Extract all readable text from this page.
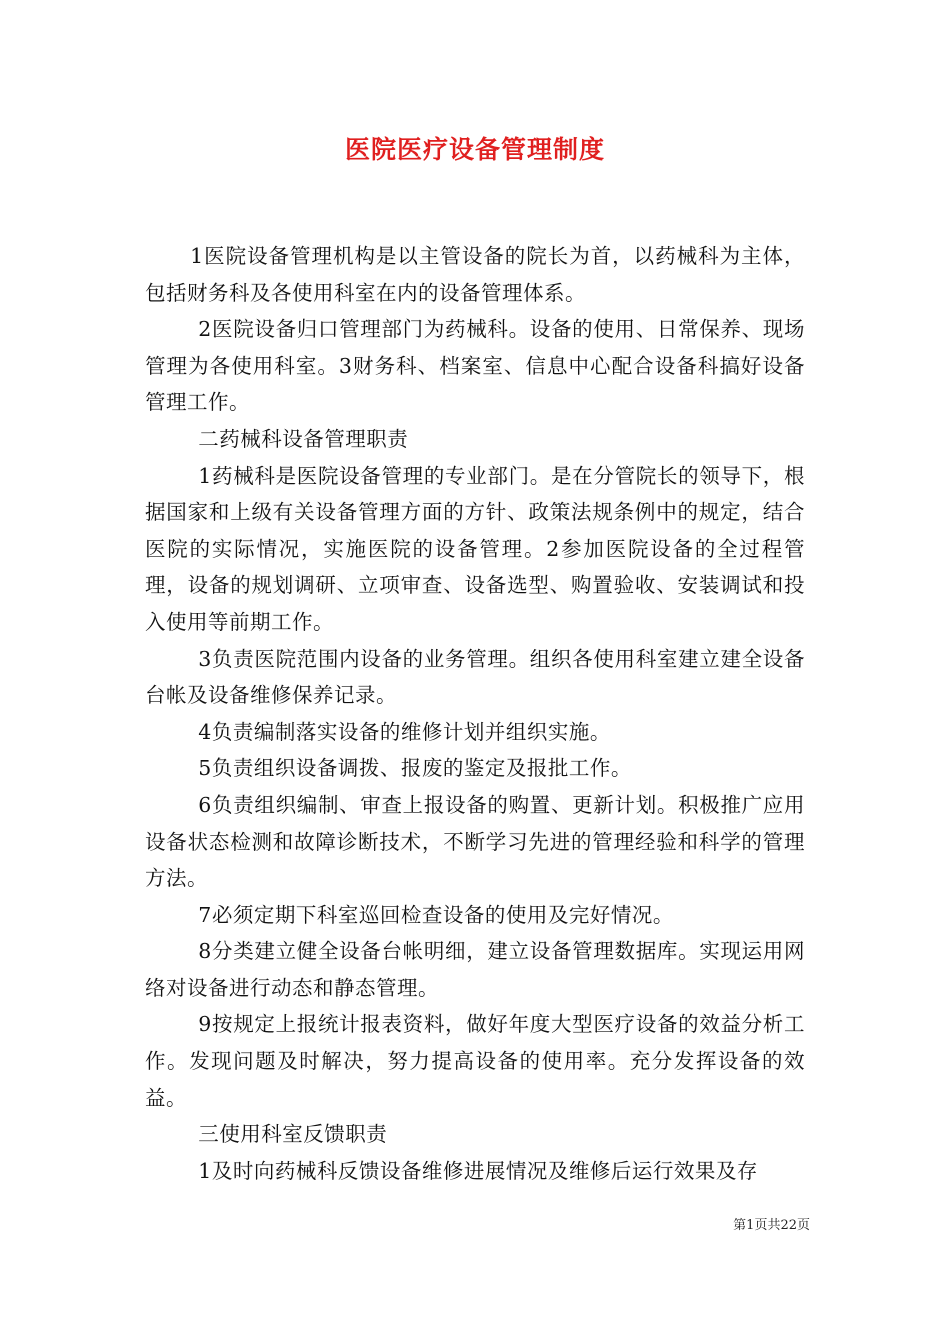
医院医疗设备管理制度

1医院设备管理机构是以主管设备的院长为首，以药械科为主体，包括财务科及各使用科室在内的设备管理体系。

2医院设备归口管理部门为药械科。设备的使用、日常保养、现场管理为各使用科室。3财务科、档案室、信息中心配合设备科搞好设备管理工作。

二药械科设备管理职责

1药械科是医院设备管理的专业部门。是在分管院长的领导下，根据国家和上级有关设备管理方面的方针、政策法规条例中的规定，结合医院的实际情况，实施医院的设备管理。2参加医院设备的全过程管理，设备的规划调研、立项审查、设备选型、购置验收、安装调试和投入使用等前期工作。

3负责医院范围内设备的业务管理。组织各使用科室建立建全设备台帐及设备维修保养记录。

4负责编制落实设备的维修计划并组织实施。

5负责组织设备调拨、报废的鉴定及报批工作。

6负责组织编制、审查上报设备的购置、更新计划。积极推广应用设备状态检测和故障诊断技术，不断学习先进的管理经验和科学的管理方法。

7必须定期下科室巡回检查设备的使用及完好情况。

8分类建立健全设备台帐明细，建立设备管理数据库。实现运用网络对设备进行动态和静态管理。

9按规定上报统计报表资料，做好年度大型医疗设备的效益分析工作。发现问题及时解决，努力提高设备的使用率。充分发挥设备的效益。

三使用科室反馈职责

1及时向药械科反馈设备维修进展情况及维修后运行效果及存

第1页共22页
